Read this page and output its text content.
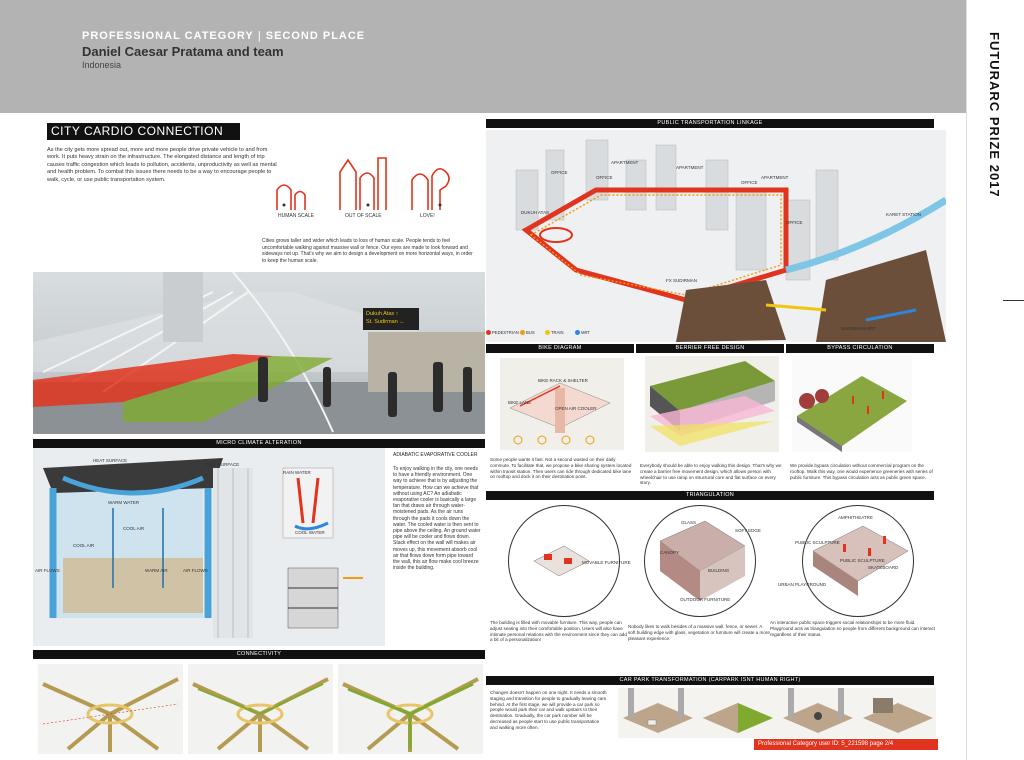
PROFESSIONAL CATEGORY | SECOND PLACE
Daniel Caesar Pratama and team
Indonesia	FUTURARC PRIZE 2017
CITY CARDIO CONNECTION
As the city gets more spread out, more and more people drive private vehicle to and from work. It puts heavy strain on the infrastructure. The elongated distance and length of trip causes traffic congestion which leads to pollution, accidents, unproductivity as well as mental and health problem. To combat this issues there needs to be a way to encourage people to walk, cycle, or use public transportation system.
HUMAN SCALE	OUT OF SCALE	LOVE!
Cities grows taller and wider which leads to loss of human scale. People tends to feel uncomfortable walking against massive wall or fence. Our eyes are made to look forward and sideways not up. That's why we aim to design a development on more horizontal ways, in order to keep the human scale.
Dukuh Atas ↑
St. Sudirman ←
MICRO CLIMATE ALTERATION
HEAT SURFACE
WARM WATER
COOL AIR
COOL AIR
WARM AIR
AIR FLOWS	AIR FLOWS
RAIN WATER
COOL WATER
HEAT SURFACE
ADIABATIC EVAPORATIVE COOLER
To enjoy walking in the city, one needs to have a friendly environment. One way to achieve that is by adjusting the temperature. How can we achieve that without using AC? An adiabatic evaporative cooler is basically a large fan that draws air through water-moistened pads. As the air runs through the pads it cools down the water. The cooled water is then sent to pipe above the ceiling. An ground water pipe will be cooler and flows down. Stack effect on the wall will makes air moves up, this movement absorb cool air that flows down form pipe toward the wall, this air flow make cool breeze inside the building.
PUBLIC TRANSPORTATION LINKAGE
OFFICE
APARTMENT
OFFICE
APARTMENT
OFFICE
APARTMENT
OFFICE
DUKUH ATAS
FX SUDIRMAN
SUDIRMAN MRT
KARET STATION
PEDESTRIAN	BUS	TRAIN	MRT
BIKE DIAGRAM	BERRIER FREE DESIGN	BYPASS CIRCULATION
BIKE RACK & SHELTER
BIKE LANE
OPEN AIR COOLER
Some people wants it fast. Not a second wasted on their daily commute. To facilitate that, we propose a bike sharing system located within transit station. Then users can ride through dedicated bike lane on rooftop and dock it on their destination point.
Everybody should be able to enjoy walking this design. That's why we create a barrier free movement design, which allows person with wheelchair to use ramp on structural core and flat surface on every story.
We provide bypass circulation without commercial program on the rooftop. Walk this way, one would experience greeneries with series of public furniture. This bypass circulation acts as public green space.
TRIANGULATION
MOVABLE FURNITURE
The building is filled with movable furniture. This way, people can adjust seating into their comfortable position. Users will also have intimate personal relations with the environment since they can add a bit of a personalization!
SOFT EDGE
Nobody likes to walk besides of a massive wall, fence, or sewer. A soft building edge with glass, vegetation or furniture will create a more pleasant experience.
URBAN PLAYGROUND
An interactive public space triggers social relationships to be more fluid. Playground acts as triangulation so people from different background can interact regardless of their status.
GLASS
CANOPY
BUILDING
OUTDOOR FURNITURE
AMPHITHEATRE
PUBLIC SCULPTURE
PUBLIC SCULPTURE
SKATEBOARD
CONNECTIVITY
CAR PARK TRANSFORMATION (CARPARK ISNT HUMAN RIGHT)
Changes doesn't happen on one night. It needs a smooth staging and transition for people to gradually leaving cars behind. At the first stage, we will provide a car park so people would park their car and walk upstairs to their destination. Gradually, the car park number will be decreased as people start to use public transportation and walking more often.
Professional Category user ID: 5_221598 page 2/4
